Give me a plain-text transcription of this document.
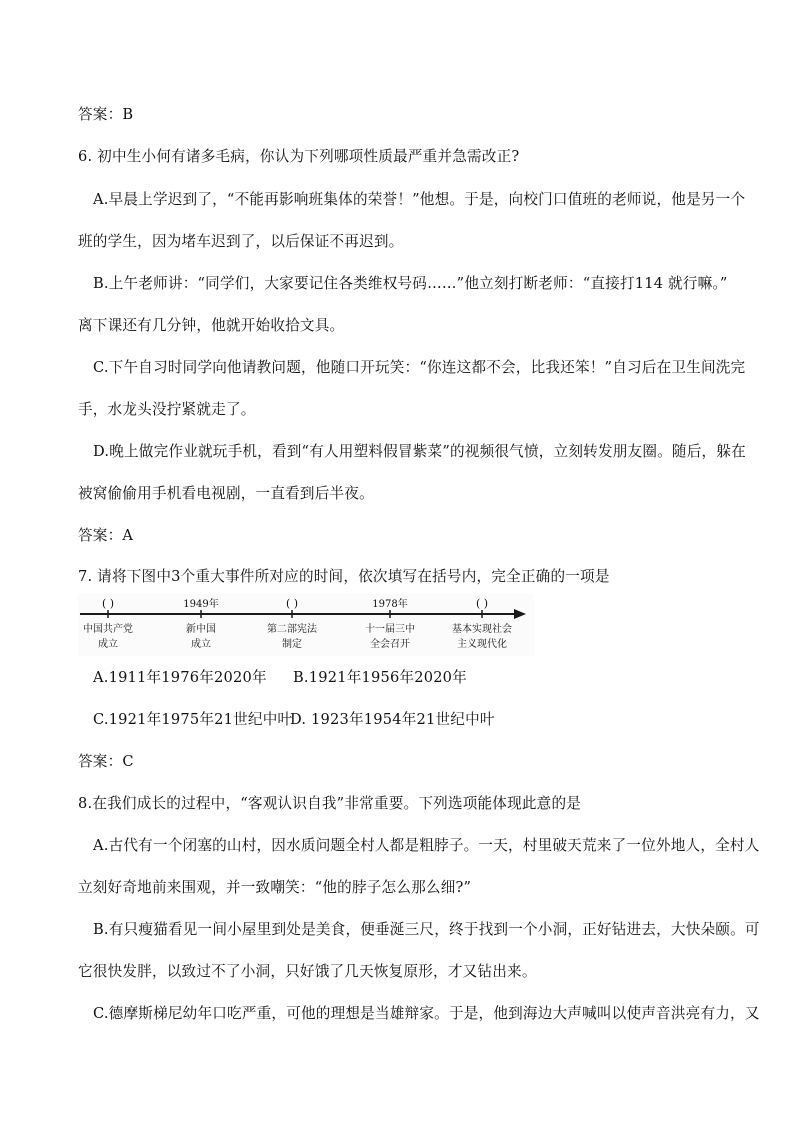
答案：B
6. 初中生小何有诸多毛病，你认为下列哪项性质最严重并急需改正?
A.早晨上学迟到了，“不能再影响班集体的荣誉！”他想。于是，向校门口值班的老师说，他是另一个
班的学生，因为堵车迟到了，以后保证不再迟到。
B.上午老师讲：“同学们，大家要记住各类维权号码……”他立刻打断老师：“直接打114 就行嘛。”
离下课还有几分钟，他就开始收拾文具。
C.下午自习时同学向他请教问题，他随口开玩笑：“你连这都不会，比我还笨！”自习后在卫生间洗完
手，水龙头没拧紧就走了。
D.晚上做完作业就玩手机，看到“有人用塑料假冒紫菜”的视频很气愤，立刻转发朋友圈。随后，躲在
被窝偷偷用手机看电视剧，一直看到后半夜。
答案：A
7. 请将下图中3个重大事件所对应的时间，依次填写在括号内，完全正确的一项是
( )	1949年	( )	1978年	( )
中国共产党
成立
新中国
成立
第二部宪法
制定
十一届三中
全会召开
基本实现社会
主义现代化
A.1911年1976年2020年 B.1921年1956年2020年
C.1921年1975年21世纪中叶
D. 1923年1954年21世纪中叶
答案：C
8.在我们成长的过程中，“客观认识自我”非常重要。下列选项能体现此意的是
A.古代有一个闭塞的山村，因水质问题全村人都是粗脖子。一天，村里破天荒来了一位外地人，全村人
立刻好奇地前来围观，并一致嘲笑：“他的脖子怎么那么细?”
B.有只瘦猫看见一间小屋里到处是美食，便垂涎三尺，终于找到一个小洞，正好钻进去，大快朵颐。可
它很快发胖，以致过不了小洞，只好饿了几天恢复原形，才又钻出来。
C.德摩斯梯尼幼年口吃严重，可他的理想是当雄辩家。于是，他到海边大声喊叫以使声音洪亮有力，又
